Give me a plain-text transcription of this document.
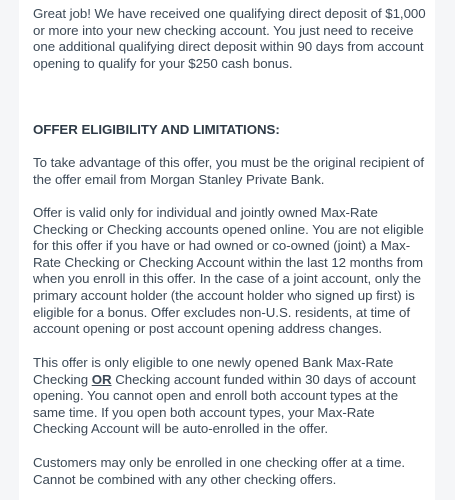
Great job! We have received one qualifying direct deposit of $1,000 or more into your new checking account. You just need to receive one additional qualifying direct deposit within 90 days from account opening to qualify for your $250 cash bonus.

OFFER ELIGIBILITY AND LIMITATIONS:

To take advantage of this offer, you must be the original recipient of the offer email from Morgan Stanley Private Bank.

Offer is valid only for individual and jointly owned Max-Rate Checking or Checking accounts opened online. You are not eligible for this offer if you have or had owned or co-owned (joint) a Max-Rate Checking or Checking Account within the last 12 months from when you enroll in this offer. In the case of a joint account, only the primary account holder (the account holder who signed up first) is eligible for a bonus. Offer excludes non-U.S. residents, at time of account opening or post account opening address changes.

This offer is only eligible to one newly opened Bank Max-Rate Checking OR Checking account funded within 30 days of account opening. You cannot open and enroll both account types at the same time. If you open both account types, your Max-Rate Checking Account will be auto-enrolled in the offer.

Customers may only be enrolled in one checking offer at a time. Cannot be combined with any other checking offers.
